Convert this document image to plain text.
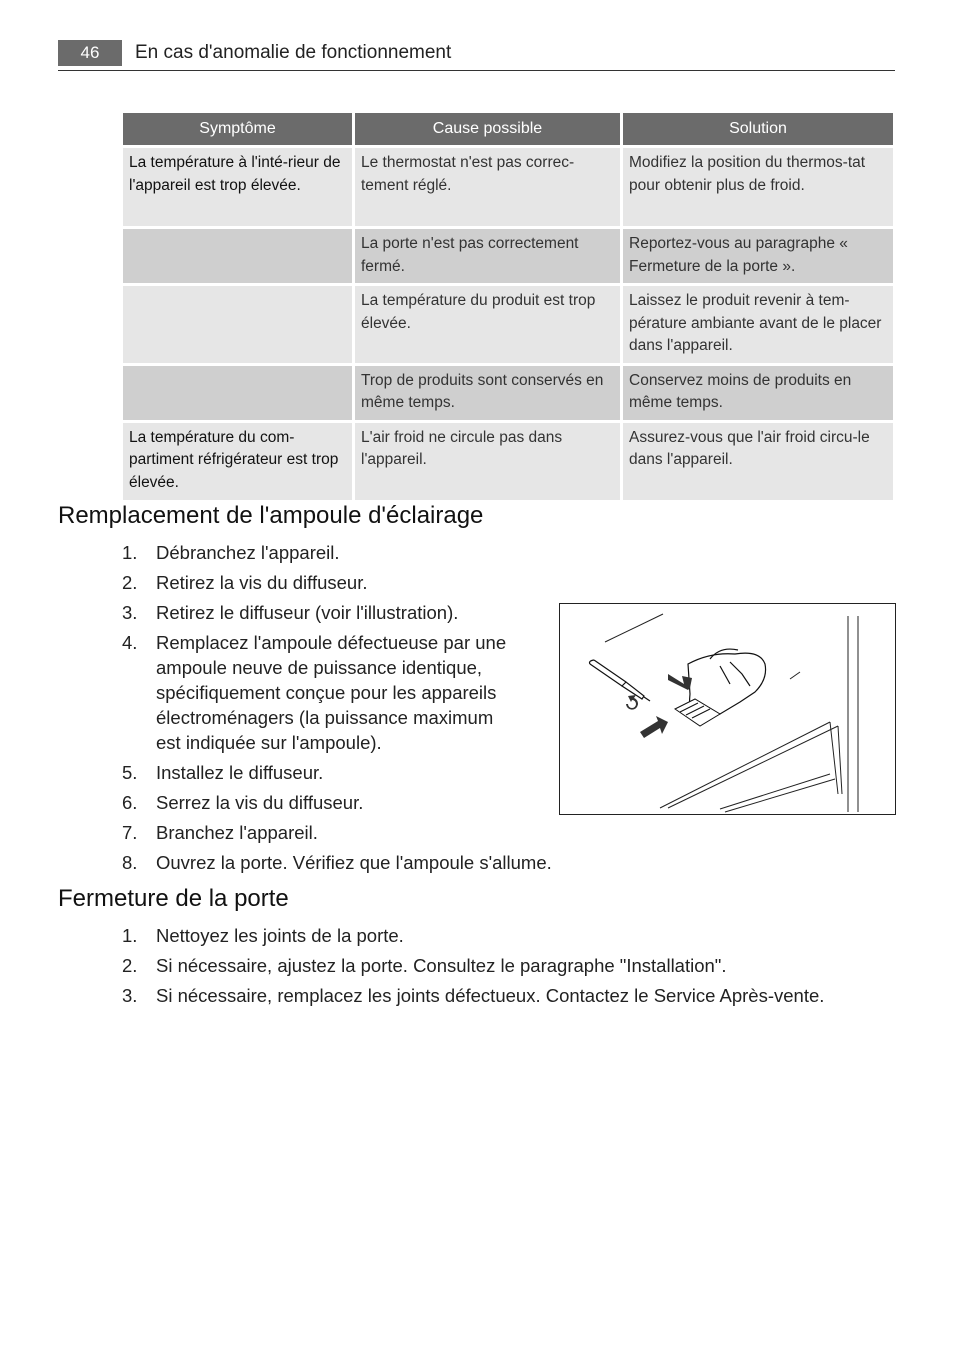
46	En cas d'anomalie de fonctionnement
Symptôme	Cause possible	Solution
La température à l'inté-rieur de l'appareil est trop élevée.	Le thermostat n'est pas correc-tement réglé.	Modifiez la position du thermos-tat pour obtenir plus de froid.
	La porte n'est pas correctement fermé.	Reportez-vous au paragraphe « Fermeture de la porte ».
	La température du produit est trop élevée.	Laissez le produit revenir à tem-pérature ambiante avant de le placer dans l'appareil.
	Trop de produits sont conservés en même temps.	Conservez moins de produits en même temps.
La température du com-partiment réfrigérateur est trop élevée.	L'air froid ne circule pas dans l'appareil.	Assurez-vous que l'air froid circu-le dans l'appareil.
Remplacement de l'ampoule d'éclairage
1.	Débranchez l'appareil.
2.	Retirez la vis du diffuseur.
3.	Retirez le diffuseur (voir l'illustration).
4.	Remplacez l'ampoule défectueuse par une ampoule neuve de puissance identique, spécifiquement conçue pour les appareils électroménagers (la puissance maximum est indiquée sur l'ampoule).
5.	Installez le diffuseur.
6.	Serrez la vis du diffuseur.
7.	Branchez l'appareil.
8.	Ouvrez la porte. Vérifiez que l'ampoule s'allume.
Fermeture de la porte
1.	Nettoyez les joints de la porte.
2.	Si nécessaire, ajustez la porte. Consultez le paragraphe "Installation".
3.	Si nécessaire, remplacez les joints défectueux. Contactez le Service Après-vente.
